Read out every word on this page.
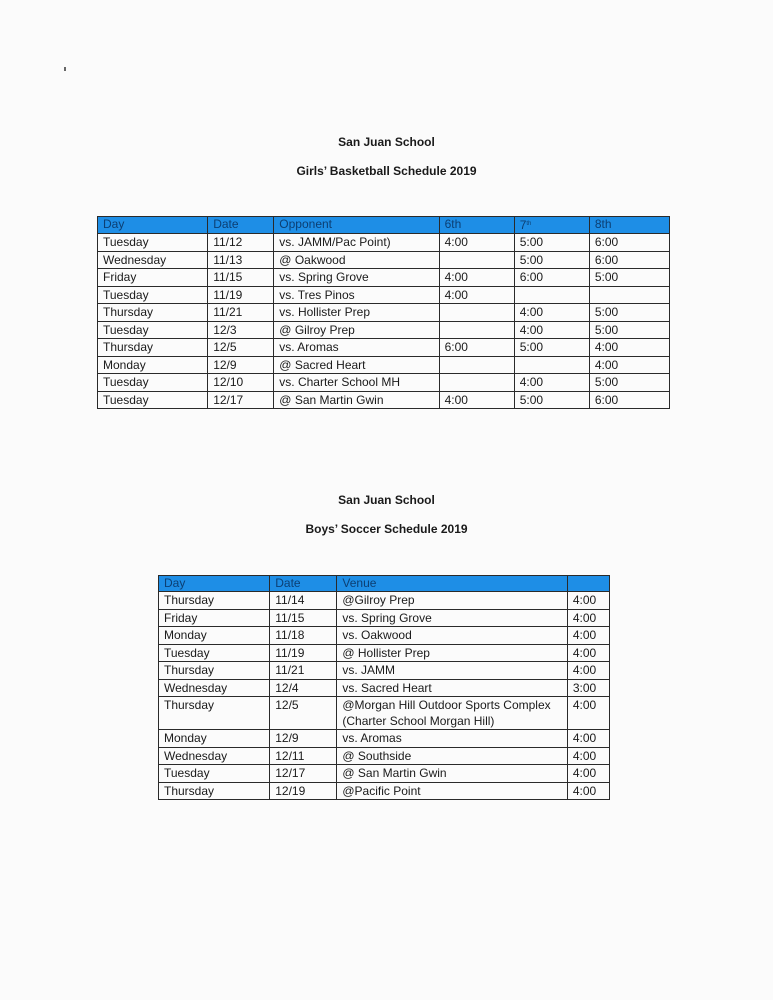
San Juan School
Girls’ Basketball Schedule 2019
Day	Date	Opponent	6th	7th	8th
Tuesday	11/12	vs. JAMM/Pac Point)	4:00	5:00	6:00
Wednesday	11/13	@ Oakwood		5:00	6:00
Friday	11/15	vs. Spring Grove	4:00	6:00	5:00
Tuesday	11/19	vs. Tres Pinos	4:00		
Thursday	11/21	vs. Hollister Prep		4:00	5:00
Tuesday	12/3	@ Gilroy Prep		4:00	5:00
Thursday	12/5	vs. Aromas	6:00	5:00	4:00
Monday	12/9	@ Sacred Heart			4:00
Tuesday	12/10	vs. Charter School MH		4:00	5:00
Tuesday	12/17	@ San Martin Gwin	4:00	5:00	6:00
San Juan School
Boys’ Soccer Schedule 2019
Day	Date	Venue	
Thursday	11/14	@Gilroy Prep	4:00
Friday	11/15	vs. Spring Grove	4:00
Monday	11/18	vs. Oakwood	4:00
Tuesday	11/19	@ Hollister Prep	4:00
Thursday	11/21	vs. JAMM	4:00
Wednesday	12/4	vs. Sacred Heart	3:00
Thursday	12/5	@Morgan Hill Outdoor Sports Complex (Charter School Morgan Hill)	4:00
Monday	12/9	vs. Aromas	4:00
Wednesday	12/11	@ Southside	4:00
Tuesday	12/17	@ San Martin Gwin	4:00
Thursday	12/19	@Pacific Point	4:00
